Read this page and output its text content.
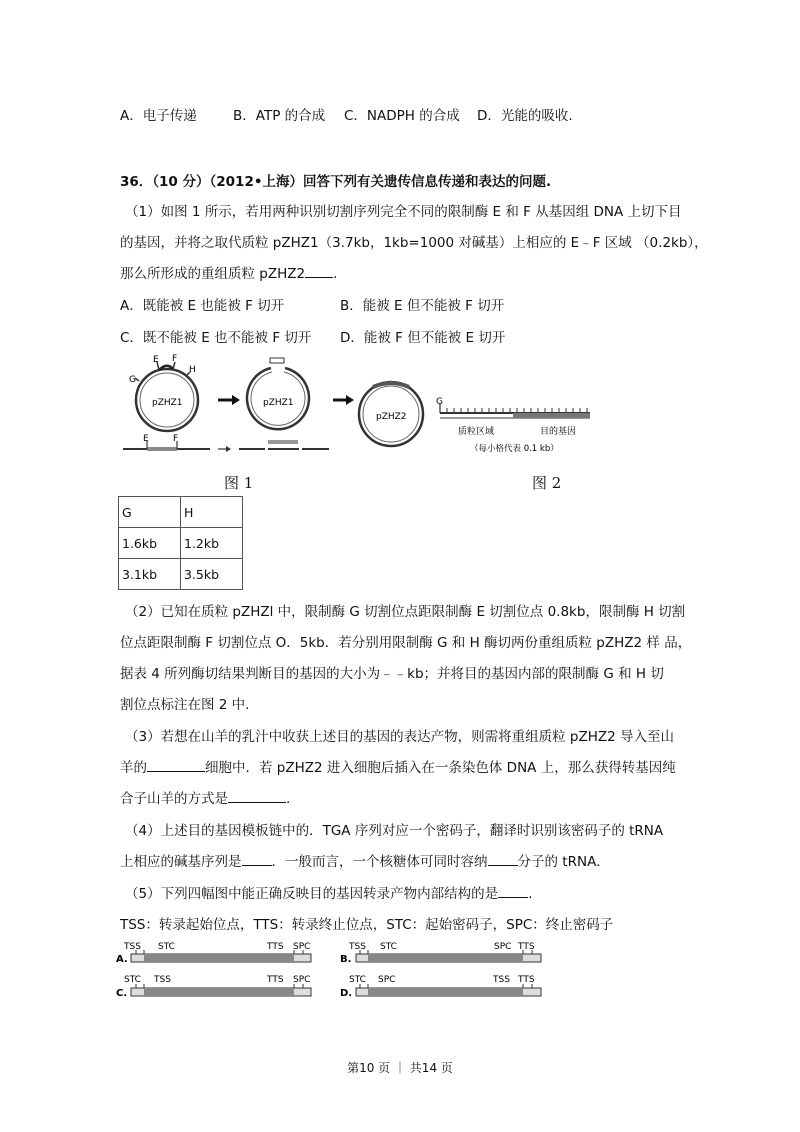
A．电子传递	B．ATP 的合成 C．NADPH 的合成 D．光能的吸收.
36．（10 分）（2012•上海）回答下列有关遗传信息传递和表达的问题.
（1）如图 1 所示，若用两种识别切割序列完全不同的限制酶 E 和 F 从基因组 DNA 上切下目
的基因，并将之取代质粒 pZHZ1（3.7kb，1kb=1000 对碱基）上相应的 E﹣F 区域 （0.2kb），
那么所形成的重组质粒 pZHZ2 .
A．既能被 E 也能被 F 切开	B．能被 E 但不能被 F 切开
C．既不能被 E 也不能被 F 切开 D．能被 F 但不能被 E 切开
pZHZ1
E F
G
H
E	F
pZHZ1
pZHZ2
G
质粒区域	目的基因
（每小格代表 0.1 kb）
图 1	图 2
G	H
1.6kb	1.2kb
3.1kb	3.5kb
（2）已知在质粒 pZHZl 中，限制酶 G 切割位点距限制酶 E 切割位点 0.8kb，限制酶 H 切割
位点距限制酶 F 切割位点 O．5kb．若分别用限制酶 G 和 H 酶切两份重组质粒 pZHZ2 样 品，
据表 4 所列酶切结果判断目的基因的大小为﹣﹣kb；并将目的基因内部的限制酶 G 和 H 切
割位点标注在图 2 中.
（3）若想在山羊的乳汁中收获上述目的基因的表达产物，则需将重组质粒 pZHZ2 导入至山
羊的	细胞中．若 pZHZ2 进入细胞后插入在一条染色体 DNA 上，那么获得转基因纯
合子山羊的方式是	.
（4）上述目的基因模板链中的．TGA 序列对应一个密码子，翻译时识别该密码子的 tRNA
上相应的碱基序列是 ．一般而言，一个核糖体可同时容纳 分子的 tRNA．
（5）下列四幅图中能正确反映目的基因转录产物内部结构的是 .
TSS：转录起始位点，TTS：转录终止位点，STC：起始密码子，SPC：终止密码子
TSS STC	TTS SPC
A.
TSS STC	SPC TTS
B.
STC TSS	TTS SPC
C.
STC SPC	TSS TTS
D.
第10 页 ｜ 共14 页
